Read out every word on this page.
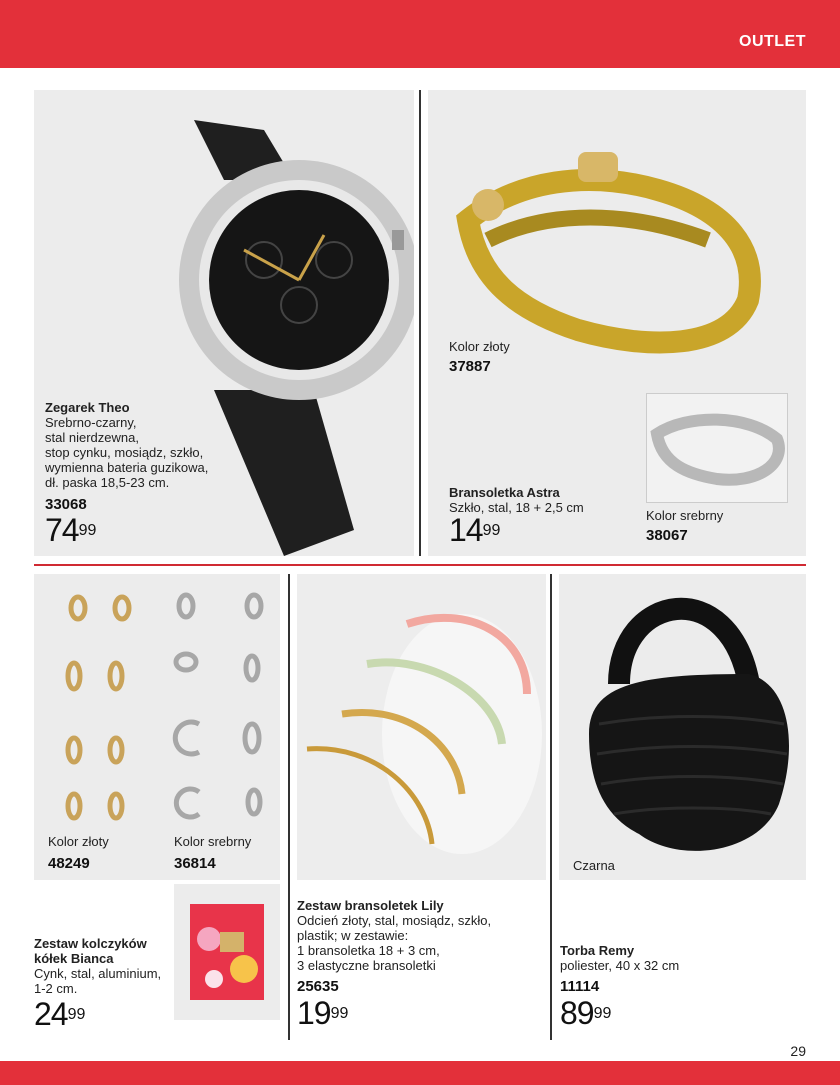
OUTLET
Zegarek Theo
Srebrno-czarny,
stal nierdzewna,
stop cynku, mosiądz, szkło,
wymienna bateria guzikowa,
dł. paska 18,5-23 cm.
33068
$74^{99}$
Kolor złoty
37887
Bransoletka Astra
Szkło, stal, 18 + 2,5 cm
$14^{99}$
Kolor srebrny
38067
Kolor złoty
48249
Kolor srebrny
36814
Zestaw kolczyków
kółek Bianca
Cynk, stal, aluminium,
1-2 cm.
$24^{99}$
Zestaw bransoletek Lily
Odcień złoty, stal, mosiądz, szkło,
plastik; w zestawie:
1 bransoletka 18 + 3 cm,
3 elastyczne bransoletki
25635
$19^{99}$
Czarna
Torba Remy
poliester, 40 x 32 cm
11114
$89^{99}$
29
